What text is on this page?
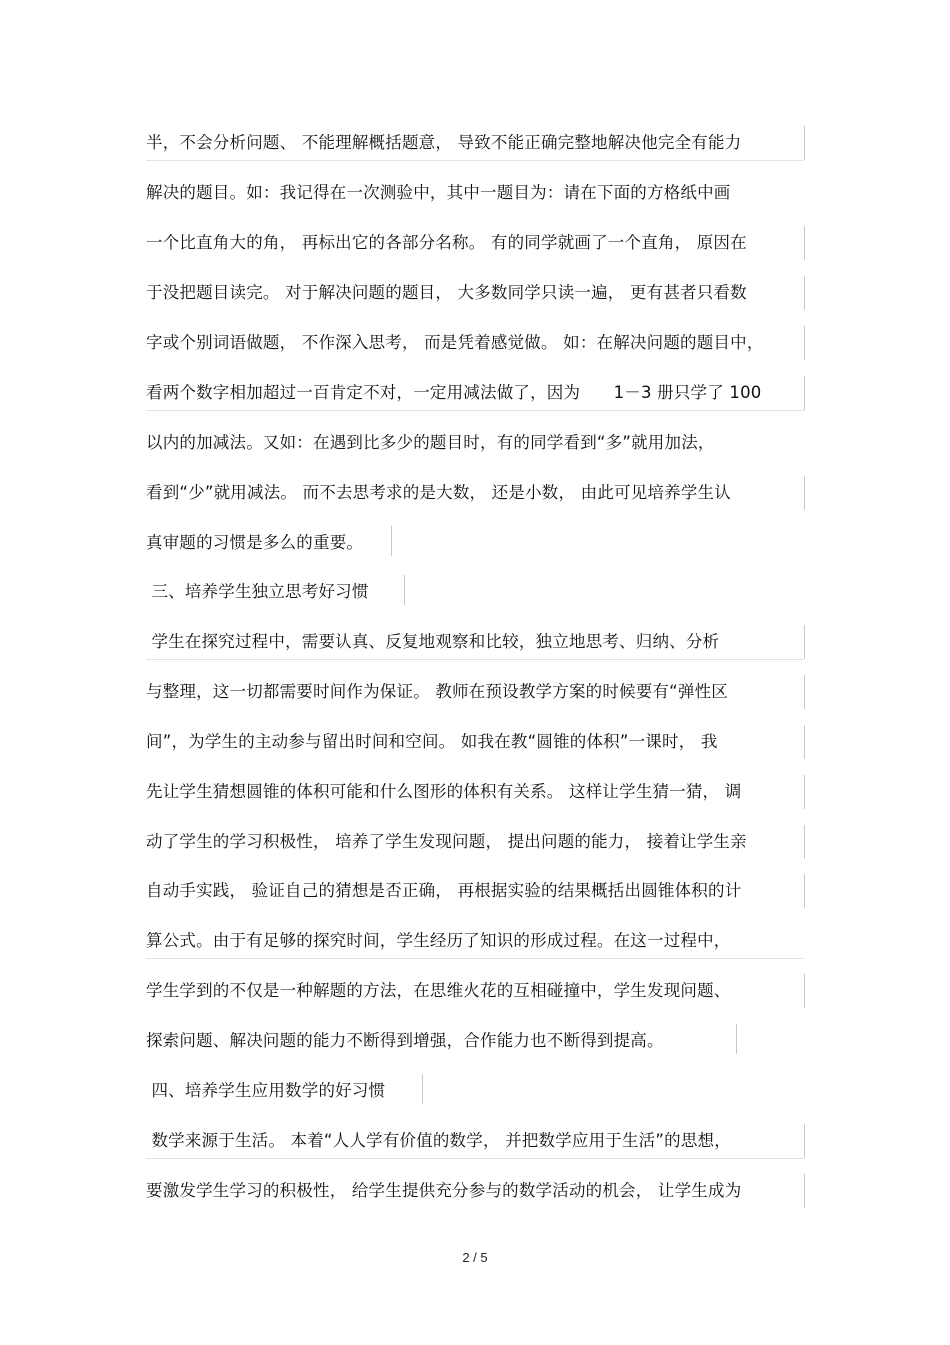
半，不会分析问题、 不能理解概括题意， 导致不能正确完整地解决他完全有能力
解决的题目。如：我记得在一次测验中，其中一题目为：请在下面的方格纸中画
一个比直角大的角， 再标出它的各部分名称。 有的同学就画了一个直角， 原因在
于没把题目读完。 对于解决问题的题目， 大多数同学只读一遍， 更有甚者只看数
字或个别词语做题， 不作深入思考， 而是凭着感觉做。 如：在解决问题的题目中，
看两个数字相加超过一百肯定不对，一定用减法做了，因为　　1－3 册只学了 100
以内的加减法。又如：在遇到比多少的题目时，有的同学看到“多”就用加法，
看到“少”就用减法。 而不去思考求的是大数， 还是小数， 由此可见培养学生认
真审题的习惯是多么的重要。
三、培养学生独立思考好习惯
学生在探究过程中，需要认真、反复地观察和比较，独立地思考、归纳、分析
与整理，这一切都需要时间作为保证。 教师在预设教学方案的时候要有“弹性区
间”，为学生的主动参与留出时间和空间。 如我在教“圆锥的体积”一课时， 我
先让学生猜想圆锥的体积可能和什么图形的体积有关系。 这样让学生猜一猜， 调
动了学生的学习积极性， 培养了学生发现问题， 提出问题的能力， 接着让学生亲
自动手实践， 验证自己的猜想是否正确， 再根据实验的结果概括出圆锥体积的计
算公式。由于有足够的探究时间，学生经历了知识的形成过程。在这一过程中，
学生学到的不仅是一种解题的方法，在思维火花的互相碰撞中，学生发现问题、
探索问题、解决问题的能力不断得到增强，合作能力也不断得到提高。
四、培养学生应用数学的好习惯
数学来源于生活。 本着“人人学有价值的数学， 并把数学应用于生活”的思想，
要激发学生学习的积极性， 给学生提供充分参与的数学活动的机会， 让学生成为
2 / 5
